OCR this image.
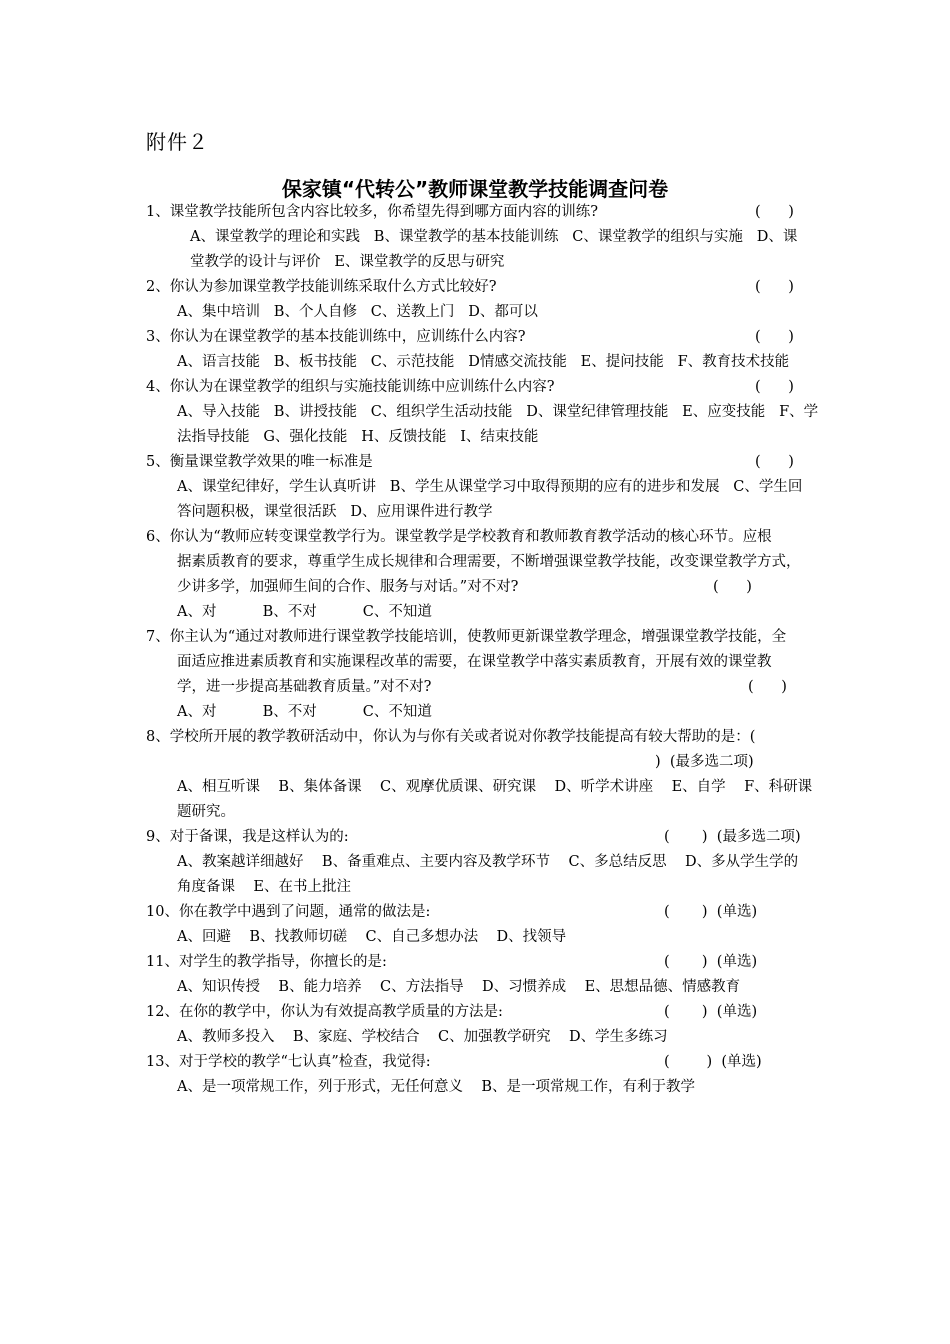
附件２
保家镇“代转公”教师课堂教学技能调查问卷
1、课堂教学技能所包含内容比较多，你希望先得到哪方面内容的训练?	(      )
A、课堂教学的理论和实践   B、课堂教学的基本技能训练   C、课堂教学的组织与实施   D、课
堂教学的设计与评价   E、课堂教学的反思与研究
2、你认为参加课堂教学技能训练采取什么方式比较好?	(      )
A、集中培训   B、个人自修   C、送教上门   D、都可以
3、你认为在课堂教学的基本技能训练中，应训练什么内容?	(      )
A、语言技能   B、板书技能   C、示范技能   D情感交流技能   E、提问技能   F、教育技术技能
4、你认为在课堂教学的组织与实施技能训练中应训练什么内容?	(      )
A、导入技能   B、讲授技能   C、组织学生活动技能   D、课堂纪律管理技能   E、应变技能   F、学
法指导技能   G、强化技能   H、反馈技能   I、结束技能
5、衡量课堂教学效果的唯一标准是	(      )
A、课堂纪律好，学生认真听讲   B、学生从课堂学习中取得预期的应有的进步和发展   C、学生回
答问题积极，课堂很活跃   D、应用课件进行教学
6、你认为“教师应转变课堂教学行为。课堂教学是学校教育和教师教育教学活动的核心环节。应根
据素质教育的要求，尊重学生成长规律和合理需要，不断增强课堂教学技能，改变课堂教学方式，
少讲多学，加强师生间的合作、服务与对话。”对不对?	(      )
A、对          B、不对          C、不知道
7、你主认为“通过对教师进行课堂教学技能培训，使教师更新课堂教学理念，增强课堂教学技能，全
面适应推进素质教育和实施课程改革的需要，在课堂教学中落实素质教育，开展有效的课堂教
学，进一步提高基础教育质量。”对不对?	(      )
A、对          B、不对          C、不知道
8、学校所开展的教学教研活动中，你认为与你有关或者说对你教学技能提高有较大帮助的是：(
)  (最多选二项)
A、相互听课    B、集体备课    C、观摩优质课、研究课    D、听学术讲座    E、自学    F、科研课
题研究。
9、对于备课，我是这样认为的:	(       )  (最多选二项)
A、教案越详细越好    B、备重难点、主要内容及教学环节    C、多总结反思    D、多从学生学的
角度备课    E、在书上批注
10、你在教学中遇到了问题，通常的做法是:	(       )  (单选)
A、回避    B、找教师切磋    C、自己多想办法    D、找领导
11、对学生的教学指导，你擅长的是:	(       )  (单选)
A、知识传授    B、能力培养    C、方法指导    D、习惯养成    E、思想品德、情感教育
12、在你的教学中，你认为有效提高教学质量的方法是:	(       )  (单选)
A、教师多投入    B、家庭、学校结合    C、加强教学研究    D、学生多练习
13、对于学校的教学“七认真”检查，我觉得:	(        )  (单选)
A、是一项常规工作，列于形式，无任何意义    B、是一项常规工作，有利于教学
